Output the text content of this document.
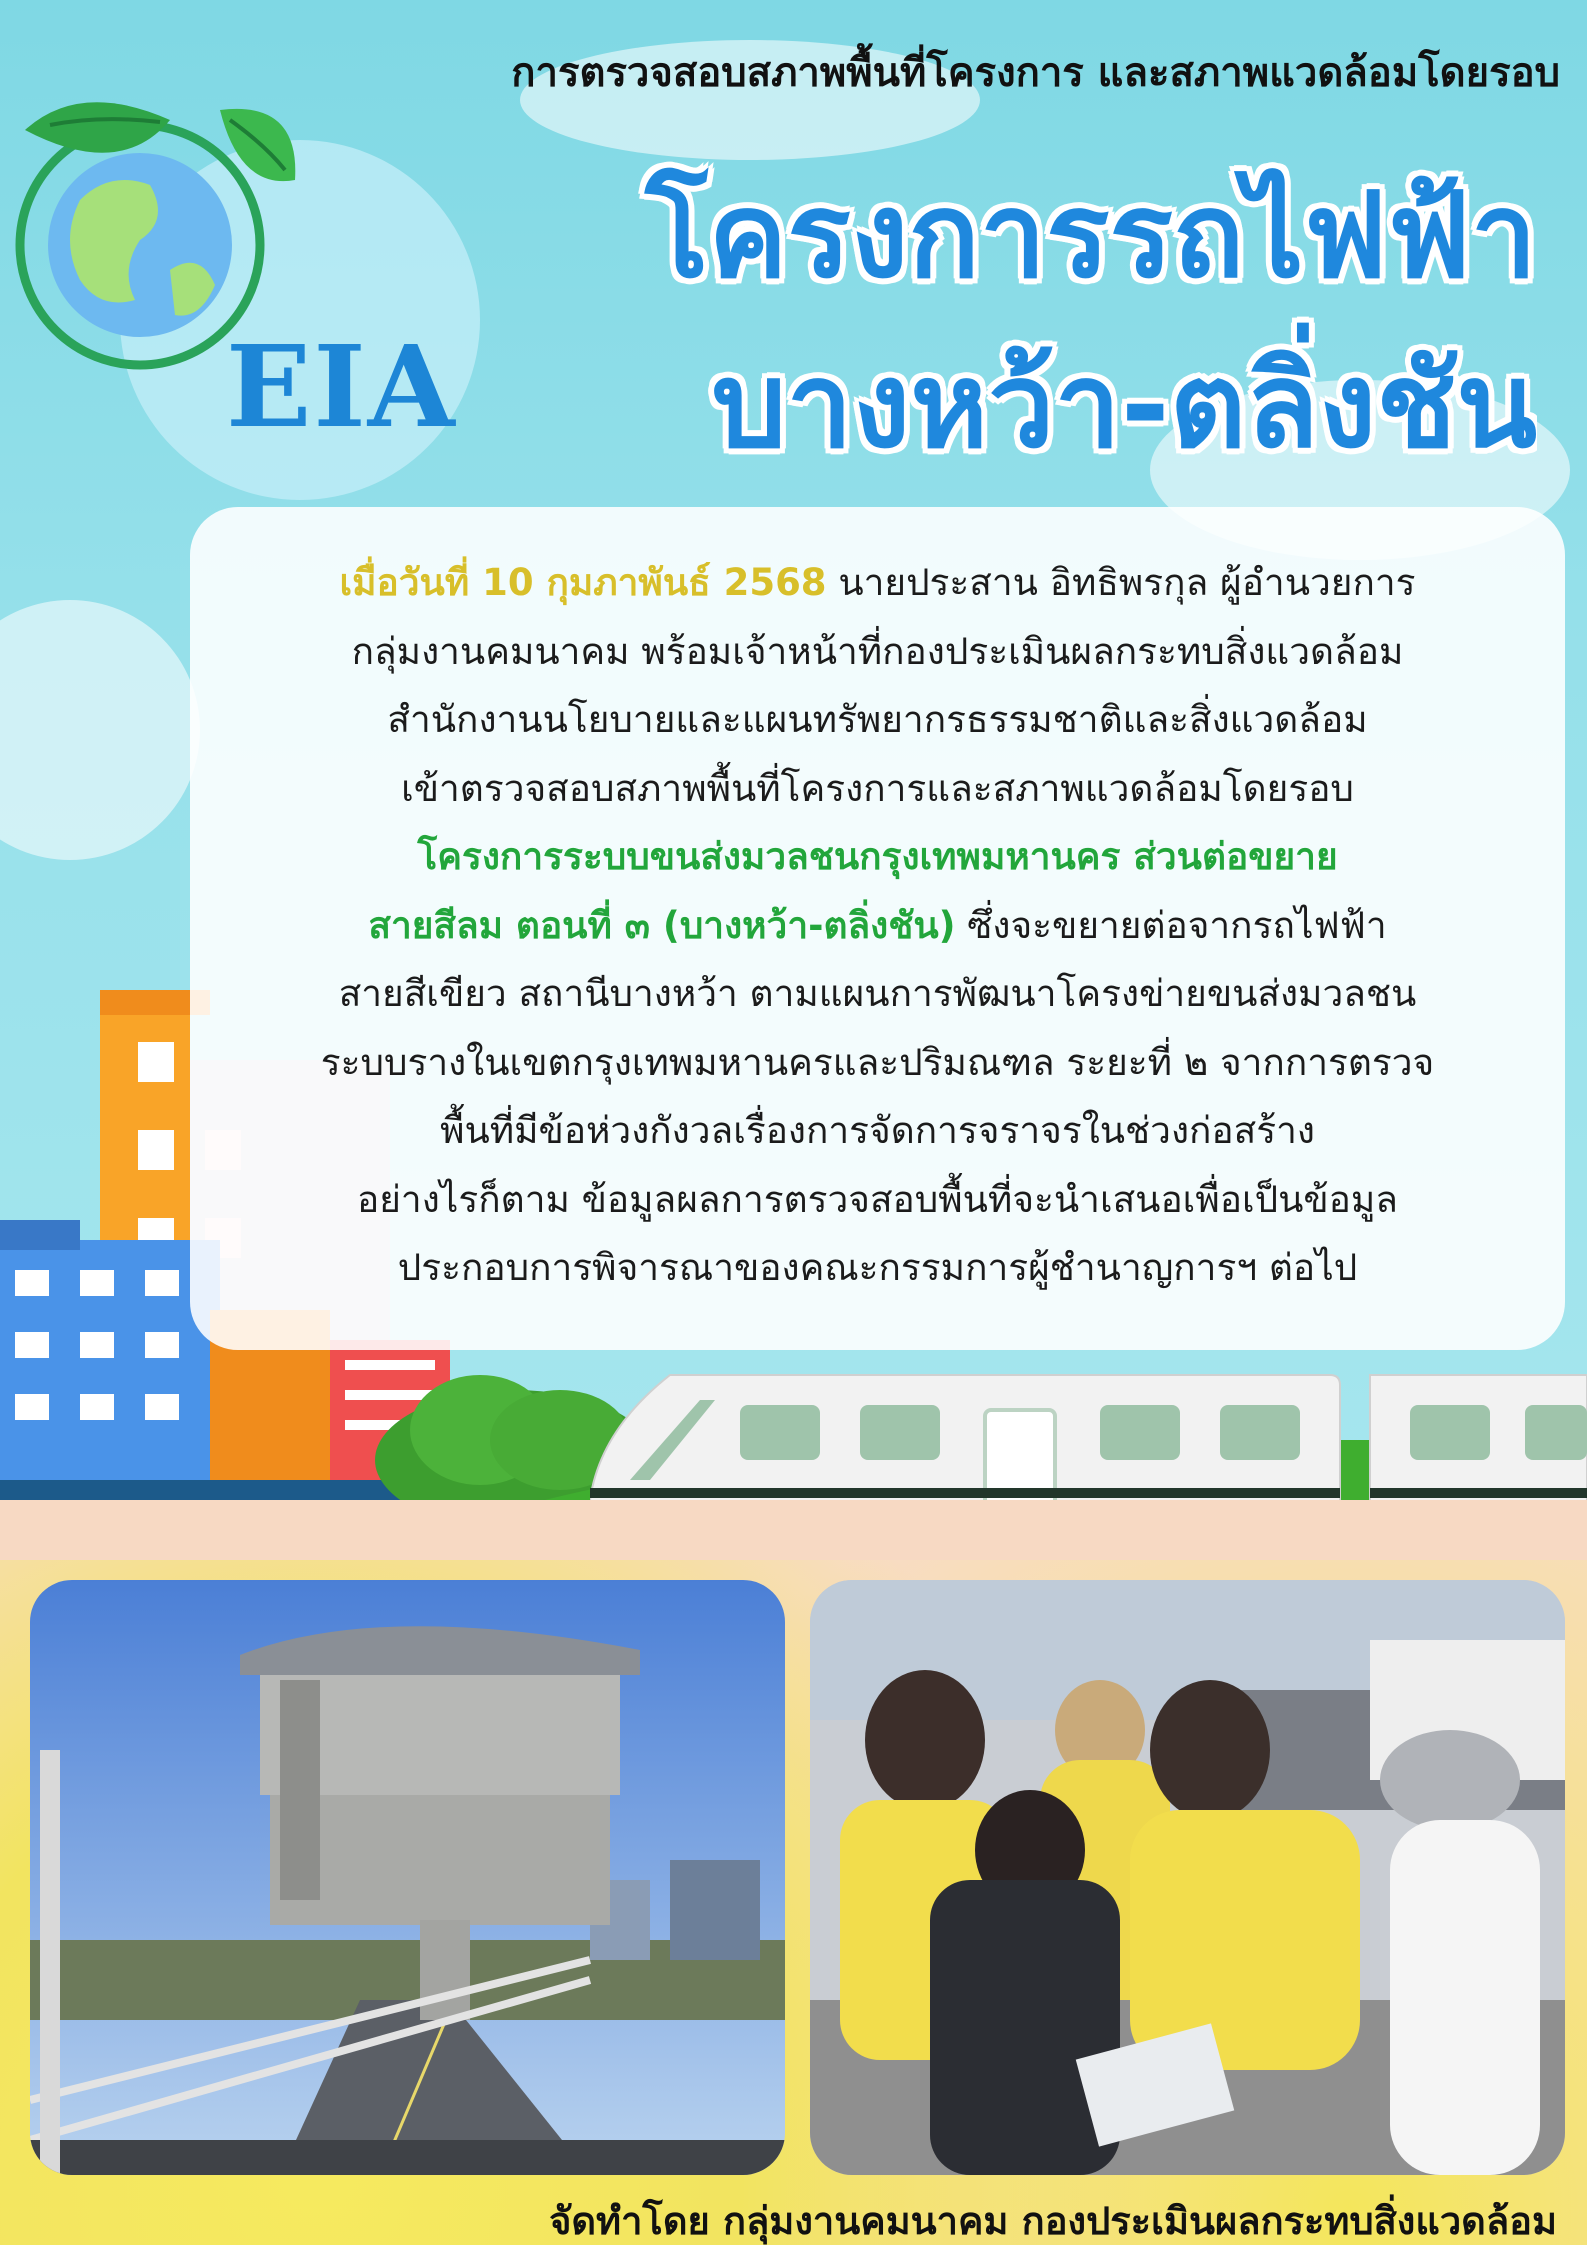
การตรวจสอบสภาพพื้นที่โครงการ และสภาพแวดล้อมโดยรอบ
EIA
โครงการรถไฟฟ้า
บางหว้า-ตลิ่งชัน
เมื่อวันที่ 10 กุมภาพันธ์ 2568 นายประสาน อิทธิพรกุล ผู้อำนวยการ
กลุ่มงานคมนาคม พร้อมเจ้าหน้าที่กองประเมินผลกระทบสิ่งแวดล้อม
สำนักงานนโยบายและแผนทรัพยากรธรรมชาติและสิ่งแวดล้อม
เข้าตรวจสอบสภาพพื้นที่โครงการและสภาพแวดล้อมโดยรอบ
โครงการระบบขนส่งมวลชนกรุงเทพมหานคร ส่วนต่อขยาย
สายสีลม ตอนที่ ๓ (บางหว้า-ตลิ่งชัน) ซึ่งจะขยายต่อจากรถไฟฟ้า
สายสีเขียว สถานีบางหว้า ตามแผนการพัฒนาโครงข่ายขนส่งมวลชน
ระบบรางในเขตกรุงเทพมหานครและปริมณฑล ระยะที่ ๒ จากการตรวจ
พื้นที่มีข้อห่วงกังวลเรื่องการจัดการจราจรในช่วงก่อสร้าง
อย่างไรก็ตาม ข้อมูลผลการตรวจสอบพื้นที่จะนำเสนอเพื่อเป็นข้อมูล
ประกอบการพิจารณาของคณะกรรมการผู้ชำนาญการฯ ต่อไป
จัดทำโดย กลุ่มงานคมนาคม กองประเมินผลกระทบสิ่งแวดล้อม
